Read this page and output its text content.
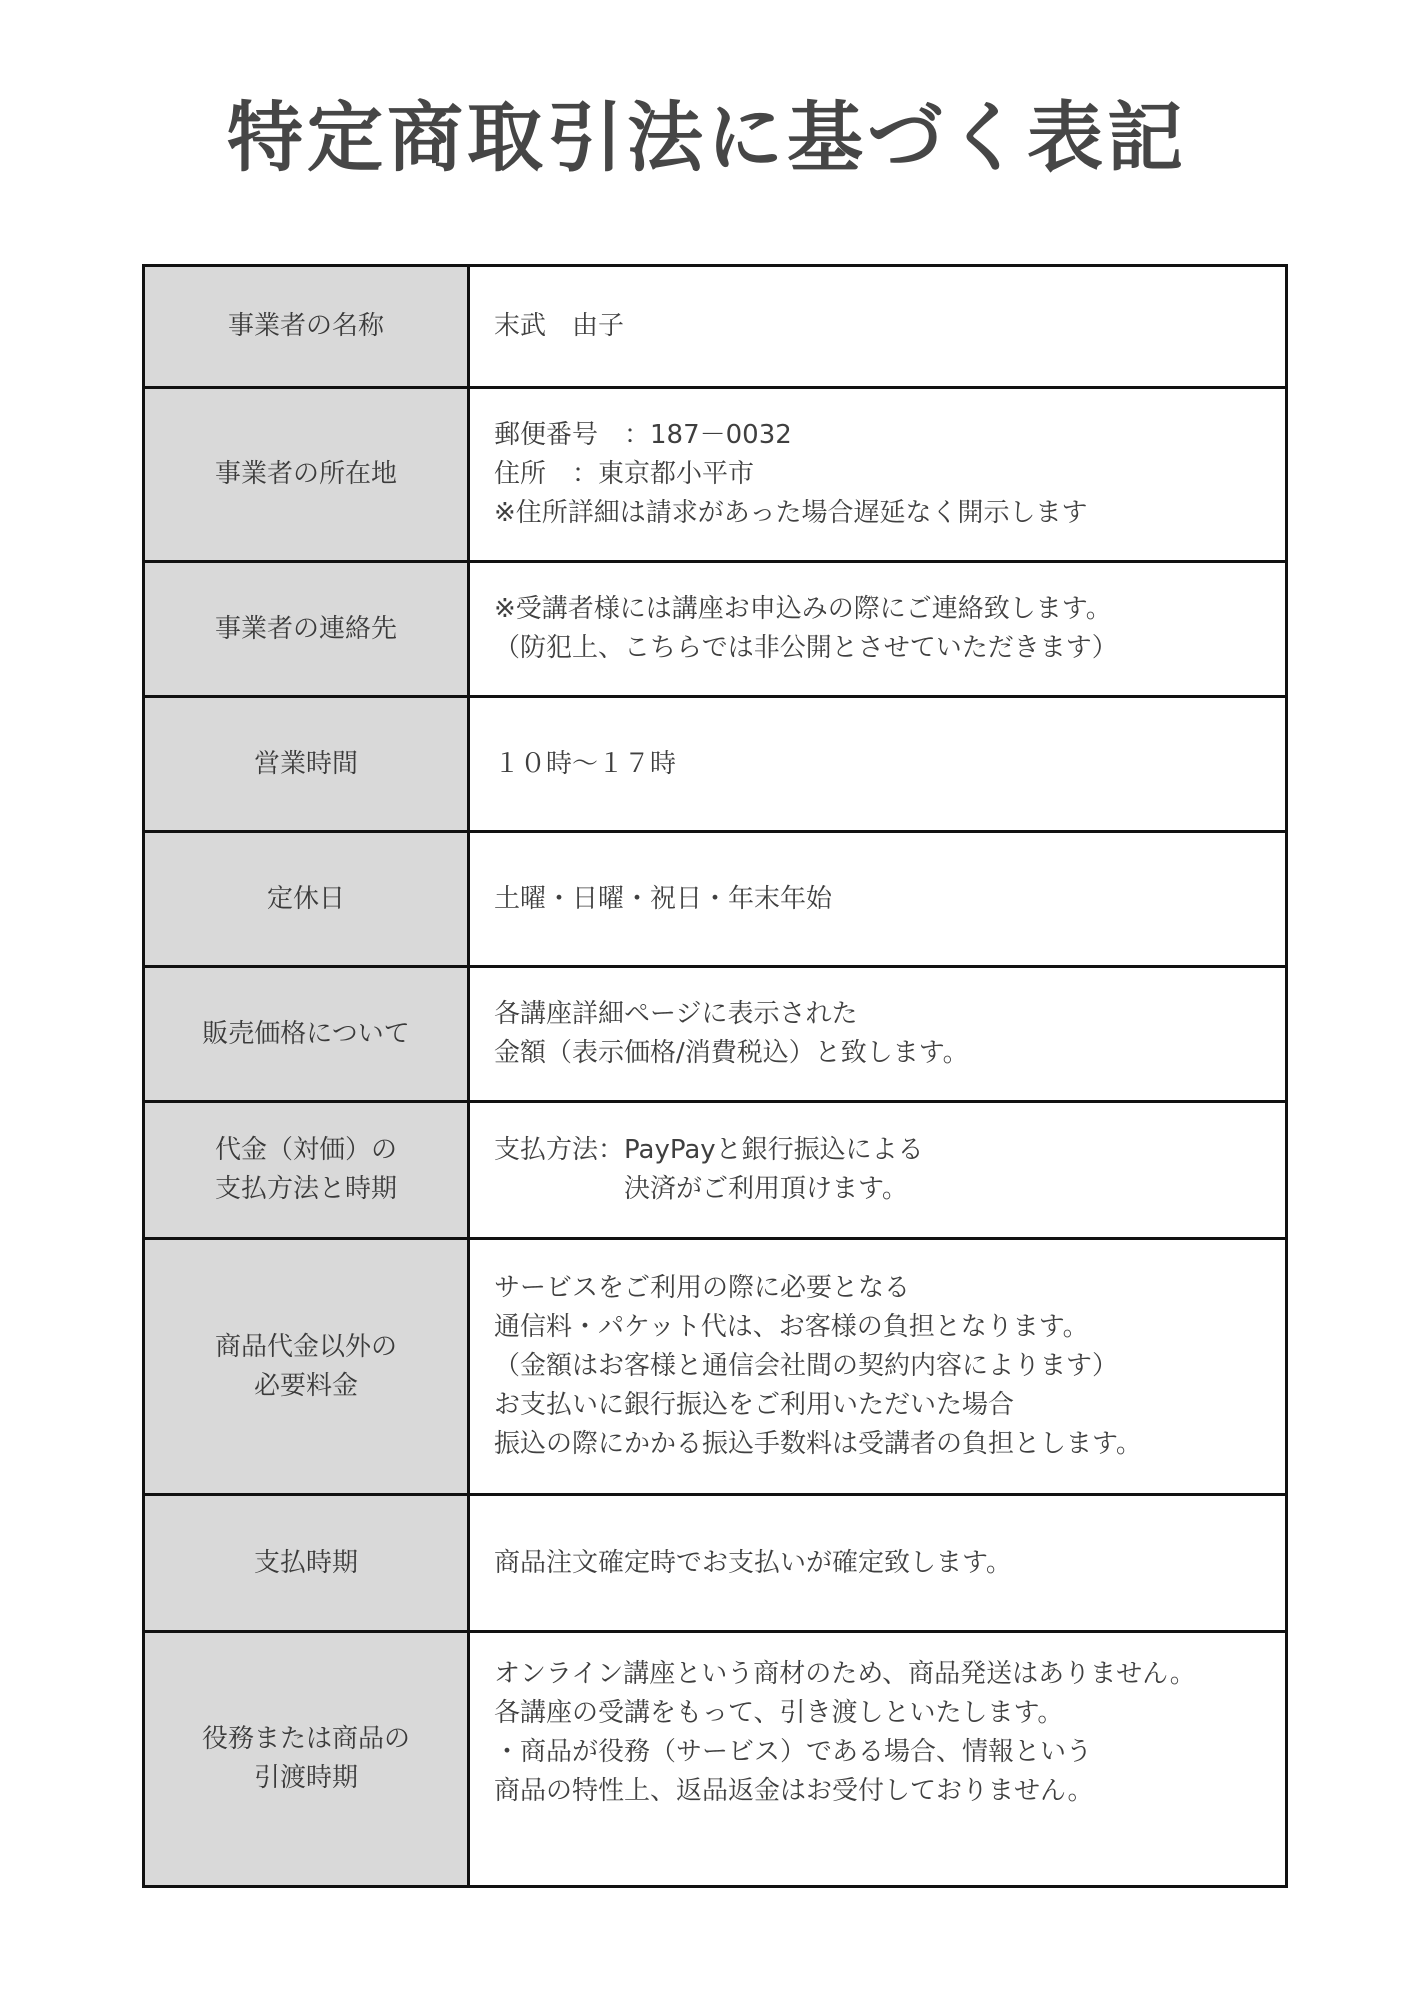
特定商取引法に基づく表記
事業者の名称	末武　由子

事業者の所在地	郵便番号　：187－0032
住所　：東京都小平市
※住所詳細は請求があった場合遅延なく開示します

事業者の連絡先	※受講者様には講座お申込みの際にご連絡致します。
（防犯上、こちらでは非公開とさせていただきます）

営業時間	１０時～１７時

定休日	土曜・日曜・祝日・年末年始

販売価格について	各講座詳細ページに表示された
金額（表示価格/消費税込）と致します。

代金（対価）の
支払方法と時期	支払方法：PayPayと銀行振込による
　　　　　決済がご利用頂けます。

商品代金以外の
必要料金	サービスをご利用の際に必要となる
通信料・パケット代は、お客様の負担となります。
（金額はお客様と通信会社間の契約内容によります）
お支払いに銀行振込をご利用いただいた場合
振込の際にかかる振込手数料は受講者の負担とします。

支払時期	商品注文確定時でお支払いが確定致します。

役務または商品の
引渡時期	オンライン講座という商材のため、商品発送はありません。
各講座の受講をもって、引き渡しといたします。
・商品が役務（サービス）である場合、情報という
商品の特性上、返品返金はお受付しておりません。
